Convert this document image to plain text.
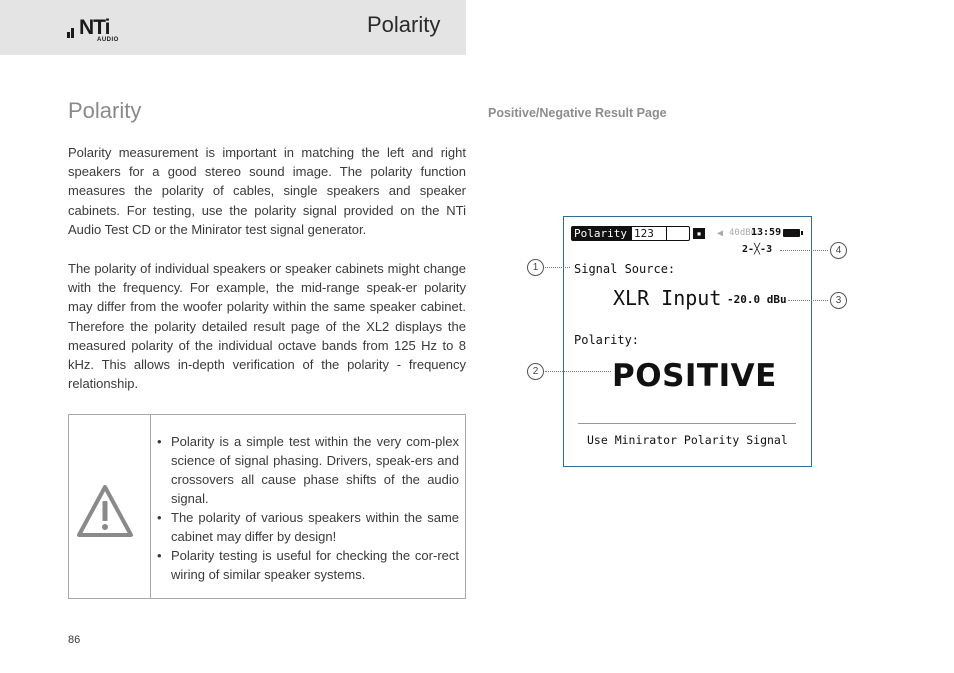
NTi
AUDIO
Polarity
Polarity
Polarity measurement is important in matching the left and right speakers for a good stereo sound image. The polarity function measures the polarity of cables, single speakers and speaker cabinets. For testing, use the polarity signal provided on the NTi Audio Test CD or the Minirator test signal generator.
The polarity of individual speakers or speaker cabinets might change with the frequency. For example, the mid-range speak-er polarity may differ from the woofer polarity within the same speaker cabinet. Therefore the polarity detailed result page of the XL2 displays the measured polarity of the individual octave bands from 125 Hz to 8 kHz. This allows in-depth verification of the polarity - frequency relationship.
• Polarity is a simple test within the very com-plex science of signal phasing. Drivers, speak-ers and crossovers all cause phase shifts of the audio signal.
• The polarity of various speakers within the same cabinet may differ by design!
• Polarity testing is useful for checking the cor-rect wiring of similar speaker systems.
86
Positive/Negative Result Page
Polarity 123	▪	◀ 40dBu
13:59
2-╳-3
Signal Source:
XLR Input -20.0 dBu
Polarity:
POSITIVE
Use Minirator Polarity Signal
1
2
3
4
